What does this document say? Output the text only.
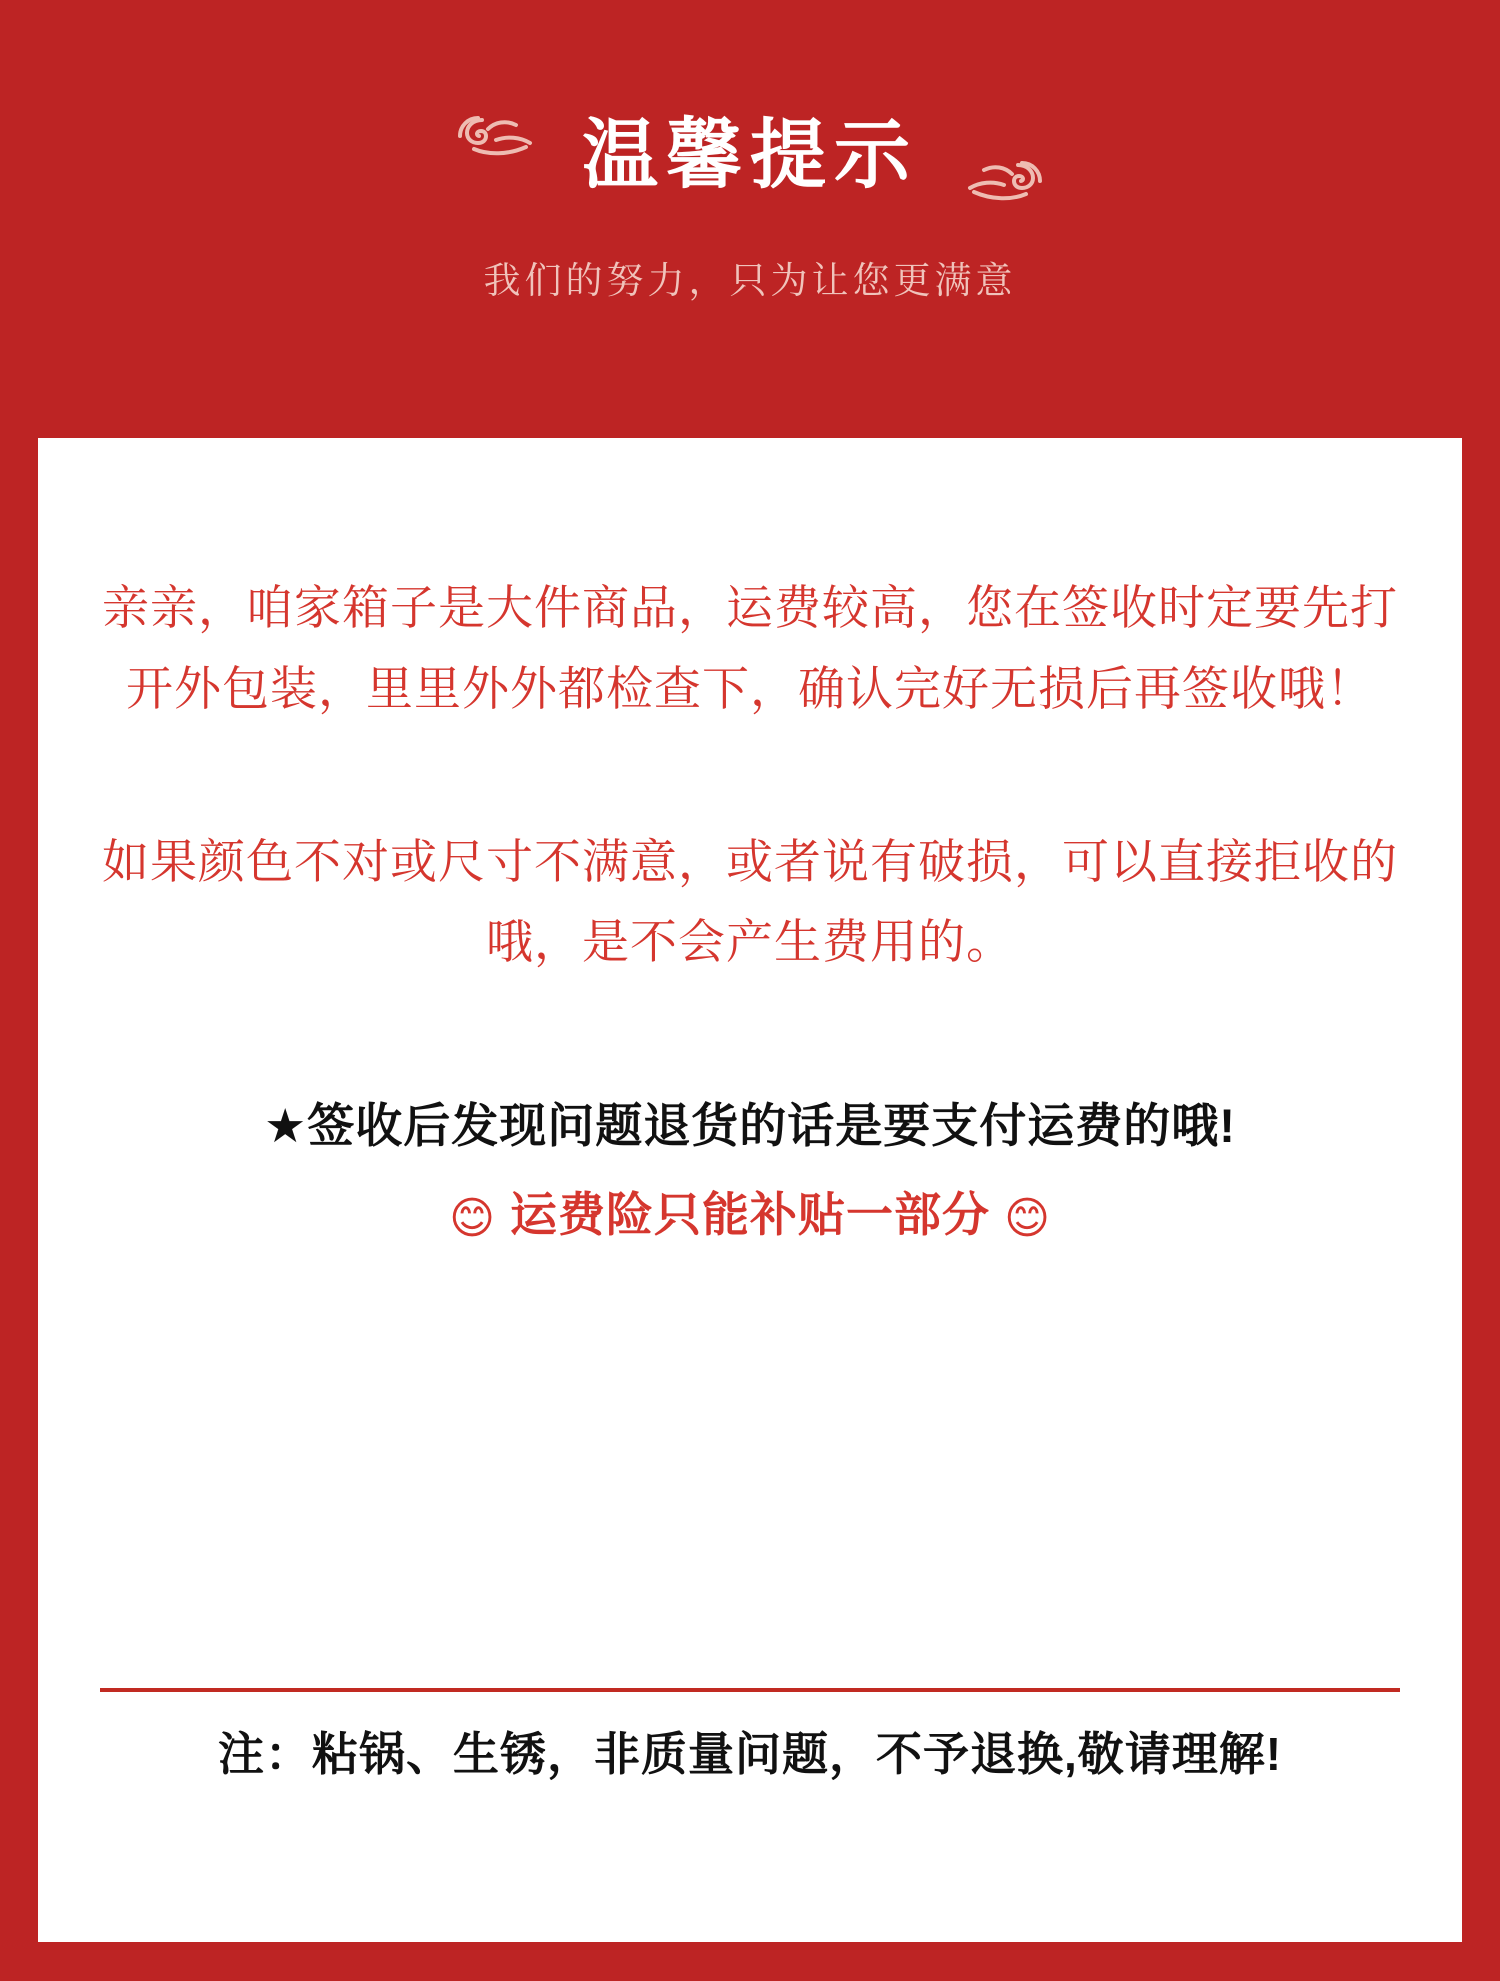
温馨提示
我们的努力，只为让您更满意

亲亲，咱家箱子是大件商品，运费较高，您在签收时定要先打开外包装，里里外外都检查下，确认完好无损后再签收哦！

如果颜色不对或尺寸不满意，或者说有破损，可以直接拒收的哦，是不会产生费用的。

★签收后发现问题退货的话是要支付运费的哦!
😊 运费险只能补贴一部分 😊
注：粘锅、生锈，非质量问题，不予退换,敬请理解!
